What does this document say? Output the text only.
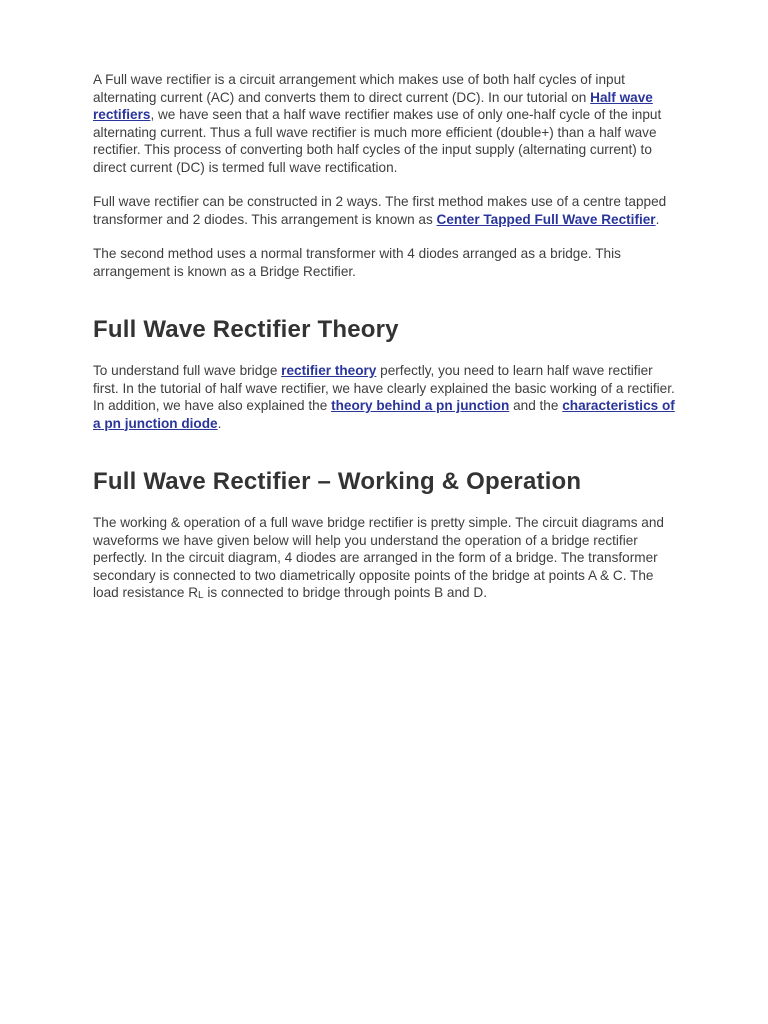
A Full wave rectifier is a circuit arrangement which makes use of both half cycles of input alternating current (AC) and converts them to direct current (DC). In our tutorial on Half wave rectifiers, we have seen that a half wave rectifier makes use of only one-half cycle of the input alternating current. Thus a full wave rectifier is much more efficient (double+) than a half wave rectifier. This process of converting both half cycles of the input supply (alternating current) to direct current (DC) is termed full wave rectification.

Full wave rectifier can be constructed in 2 ways. The first method makes use of a centre tapped transformer and 2 diodes. This arrangement is known as Center Tapped Full Wave Rectifier.

The second method uses a normal transformer with 4 diodes arranged as a bridge. This arrangement is known as a Bridge Rectifier.

Full Wave Rectifier Theory

To understand full wave bridge rectifier theory perfectly, you need to learn half wave rectifier first. In the tutorial of half wave rectifier, we have clearly explained the basic working of a rectifier. In addition, we have also explained the theory behind a pn junction and the characteristics of a pn junction diode.

Full Wave Rectifier – Working & Operation

The working & operation of a full wave bridge rectifier is pretty simple. The circuit diagrams and waveforms we have given below will help you understand the operation of a bridge rectifier perfectly. In the circuit diagram, 4 diodes are arranged in the form of a bridge. The transformer secondary is connected to two diametrically opposite points of the bridge at points A & C. The load resistance $R_L$ is connected to bridge through points B and D.
